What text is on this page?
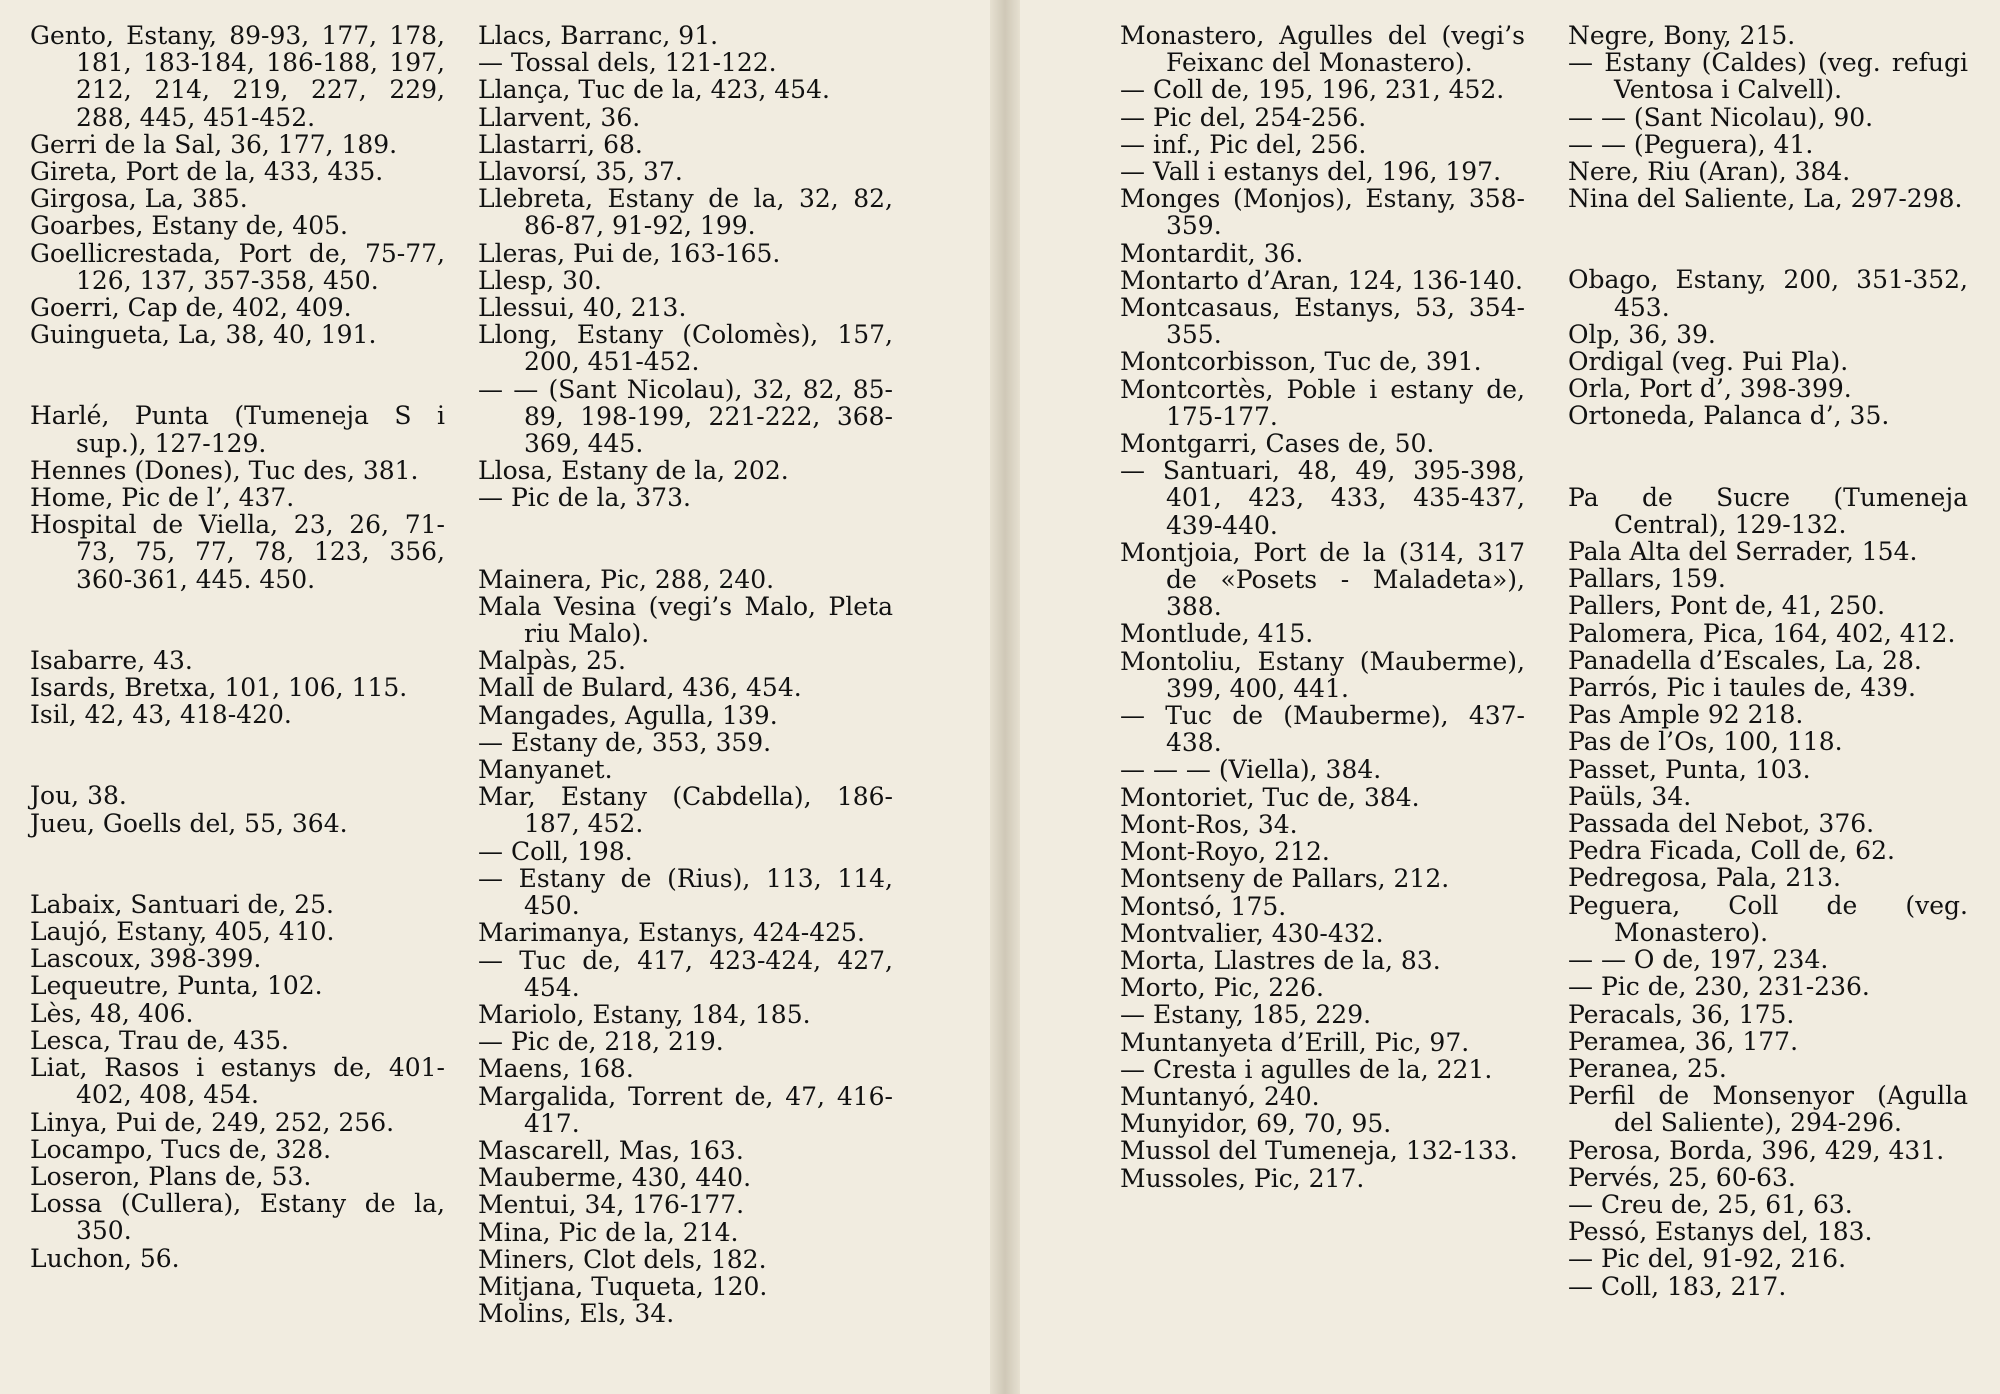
Gento, Estany, 89-93, 177, 178, 181, 183-184, 186-188, 197, 212, 214, 219, 227, 229, 288, 445, 451-452.
Gerri de la Sal, 36, 177, 189.
Gireta, Port de la, 433, 435.
Girgosa, La, 385.
Goarbes, Estany de, 405.
Goellicrestada, Port de, 75-77, 126, 137, 357-358, 450.
Goerri, Cap de, 402, 409.
Guingueta, La, 38, 40, 191.
Harlé, Punta (Tumeneja S i sup.), 127-129.
Hennes (Dones), Tuc des, 381.
Home, Pic de l’, 437.
Hospital de Viella, 23, 26, 71-73, 75, 77, 78, 123, 356, 360-361, 445. 450.
Isabarre, 43.
Isards, Bretxa, 101, 106, 115.
Isil, 42, 43, 418-420.
Jou, 38.
Jueu, Goells del, 55, 364.
Labaix, Santuari de, 25.
Laujó, Estany, 405, 410.
Lascoux, 398-399.
Lequeutre, Punta, 102.
Lès, 48, 406.
Lesca, Trau de, 435.
Liat, Rasos i estanys de, 401-402, 408, 454.
Linya, Pui de, 249, 252, 256.
Locampo, Tucs de, 328.
Loseron, Plans de, 53.
Lossa (Cullera), Estany de la, 350.
Luchon, 56.
Llacs, Barranc, 91.
— Tossal dels, 121-122.
Llança, Tuc de la, 423, 454.
Llarvent, 36.
Llastarri, 68.
Llavorsí, 35, 37.
Llebreta, Estany de la, 32, 82, 86-87, 91-92, 199.
Lleras, Pui de, 163-165.
Llesp, 30.
Llessui, 40, 213.
Llong, Estany (Colomès), 157, 200, 451-452.
— — (Sant Nicolau), 32, 82, 85-89, 198-199, 221-222, 368-369, 445.
Llosa, Estany de la, 202.
— Pic de la, 373.
Mainera, Pic, 288, 240.
Mala Vesina (vegi’s Malo, Pleta riu Malo).
Malpàs, 25.
Mall de Bulard, 436, 454.
Mangades, Agulla, 139.
— Estany de, 353, 359.
Manyanet.
Mar, Estany (Cabdella), 186-187, 452.
— Coll, 198.
— Estany de (Rius), 113, 114, 450.
Marimanya, Estanys, 424-425.
— Tuc de, 417, 423-424, 427, 454.
Mariolo, Estany, 184, 185.
— Pic de, 218, 219.
Maens, 168.
Margalida, Torrent de, 47, 416-417.
Mascarell, Mas, 163.
Mauberme, 430, 440.
Mentui, 34, 176-177.
Mina, Pic de la, 214.
Miners, Clot dels, 182.
Mitjana, Tuqueta, 120.
Molins, Els, 34.
Monastero, Agulles del (vegi’s Feixanc del Monastero).
— Coll de, 195, 196, 231, 452.
— Pic del, 254-256.
— inf., Pic del, 256.
— Vall i estanys del, 196, 197.
Monges (Monjos), Estany, 358-359.
Montardit, 36.
Montarto d’Aran, 124, 136-140.
Montcasaus, Estanys, 53, 354-355.
Montcorbisson, Tuc de, 391.
Montcortès, Poble i estany de, 175-177.
Montgarri, Cases de, 50.
— Santuari, 48, 49, 395-398, 401, 423, 433, 435-437, 439-440.
Montjoia, Port de la (314, 317 de «Posets - Maladeta»), 388.
Montlude, 415.
Montoliu, Estany (Mauberme), 399, 400, 441.
— Tuc de (Mauberme), 437-438.
— — — (Viella), 384.
Montoriet, Tuc de, 384.
Mont-Ros, 34.
Mont-Royo, 212.
Montseny de Pallars, 212.
Montsó, 175.
Montvalier, 430-432.
Morta, Llastres de la, 83.
Morto, Pic, 226.
— Estany, 185, 229.
Muntanyeta d’Erill, Pic, 97.
— Cresta i agulles de la, 221.
Muntanyó, 240.
Munyidor, 69, 70, 95.
Mussol del Tumeneja, 132-133.
Mussoles, Pic, 217.
Negre, Bony, 215.
— Estany (Caldes) (veg. refugi Ventosa i Calvell).
— — (Sant Nicolau), 90.
— — (Peguera), 41.
Nere, Riu (Aran), 384.
Nina del Saliente, La, 297-298.
Obago, Estany, 200, 351-352, 453.
Olp, 36, 39.
Ordigal (veg. Pui Pla).
Orla, Port d’, 398-399.
Ortoneda, Palanca d’, 35.
Pa de Sucre (Tumeneja Central), 129-132.
Pala Alta del Serrader, 154.
Pallars, 159.
Pallers, Pont de, 41, 250.
Palomera, Pica, 164, 402, 412.
Panadella d’Escales, La, 28.
Parrós, Pic i taules de, 439.
Pas Ample 92 218.
Pas de l’Os, 100, 118.
Passet, Punta, 103.
Paüls, 34.
Passada del Nebot, 376.
Pedra Ficada, Coll de, 62.
Pedregosa, Pala, 213.
Peguera, Coll de (veg. Monastero).
— — O de, 197, 234.
— Pic de, 230, 231-236.
Peracals, 36, 175.
Peramea, 36, 177.
Peranea, 25.
Perfil de Monsenyor (Agulla del Saliente), 294-296.
Perosa, Borda, 396, 429, 431.
Pervés, 25, 60-63.
— Creu de, 25, 61, 63.
Pessó, Estanys del, 183.
— Pic del, 91-92, 216.
— Coll, 183, 217.
